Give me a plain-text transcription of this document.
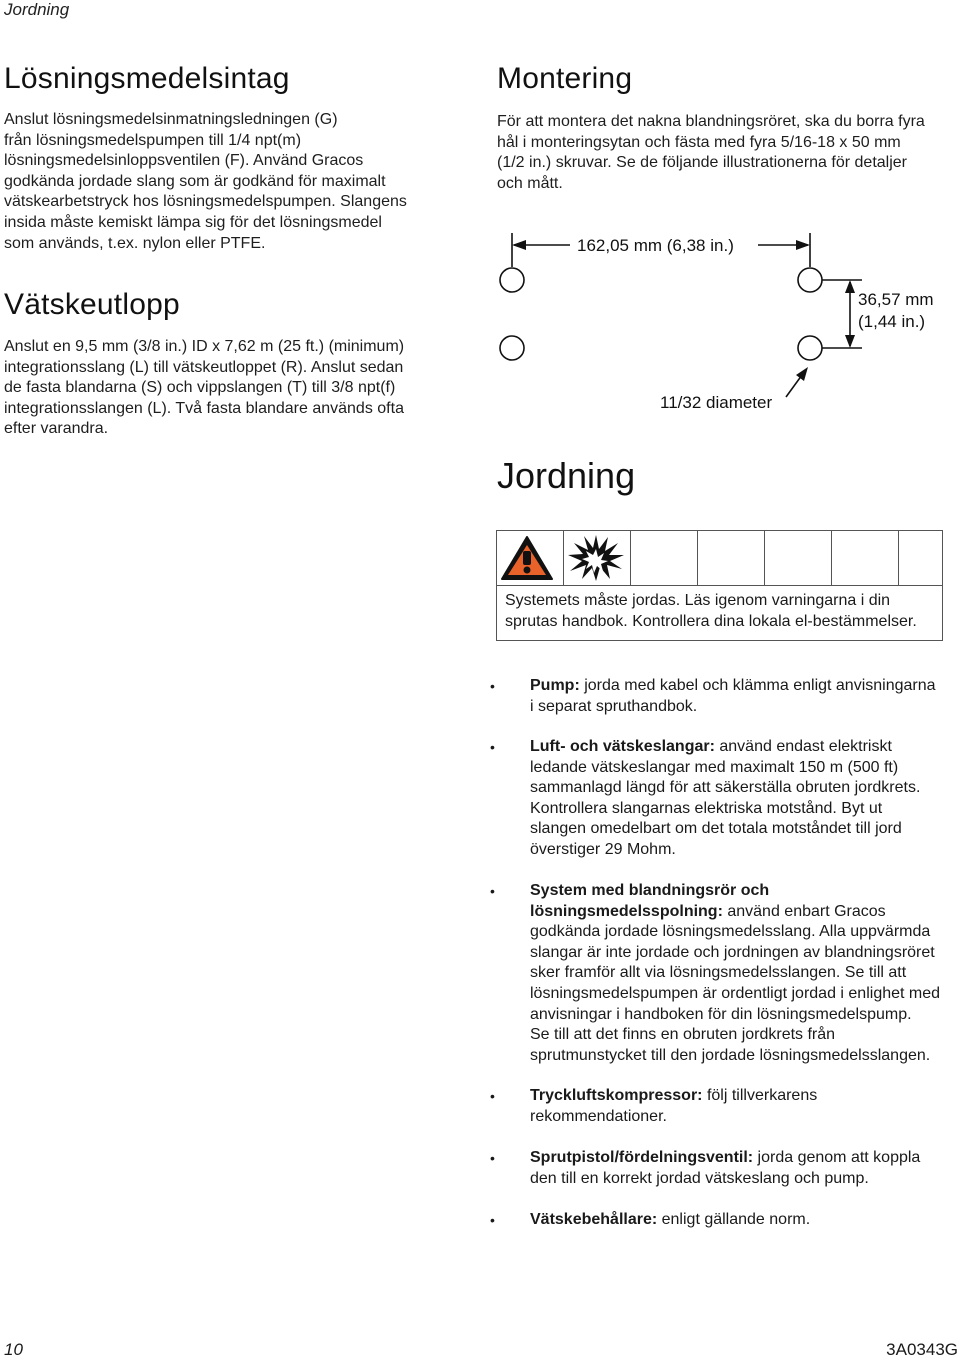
Jordning
Lösningsmedelsintag
Anslut lösningsmedelsinmatningsledningen (G)
från lösningsmedelspumpen till 1/4 npt(m)
lösningsmedelsinloppsventilen (F). Använd Gracos
godkända jordade slang som är godkänd för maximalt
vätskearbetstryck hos lösningsmedelspumpen. Slangens
insida måste kemiskt lämpa sig för det lösningsmedel
som används, t.ex. nylon eller PTFE.
Vätskeutlopp
Anslut en 9,5 mm (3/8 in.) ID x 7,62 m (25 ft.) (minimum)
integrationsslang (L) till vätskeutloppet (R). Anslut sedan
de fasta blandarna (S) och vippslangen (T) till 3/8 npt(f)
integrationsslangen (L). Två fasta blandare används ofta
efter varandra.
Montering
För att montera det nakna blandningsröret, ska du borra fyra
hål i monteringsytan och fästa med fyra 5/16-18 x 50 mm
(1/2 in.) skruvar. Se de följande illustrationerna för detaljer
och mått.
162,05 mm (6,38 in.)
36,57 mm
(1,44 in.)
11/32 diameter
Jordning
Systemets måste jordas. Läs igenom varningarna i din
sprutas handbok. Kontrollera dina lokala el-bestämmelser.
• Pump: jorda med kabel och klämma enligt anvisningarna
i separat spruthandbok.
• Luft- och vätskeslangar: använd endast elektriskt
ledande vätskeslangar med maximalt 150 m (500 ft)
sammanlagd längd för att säkerställa obruten jordkrets.
Kontrollera slangarnas elektriska motstånd. Byt ut
slangen omedelbart om det totala motståndet till jord
överstiger 29 Mohm.
• System med blandningsrör och
lösningsmedelsspolning: använd enbart Gracos
godkända jordade lösningsmedelsslang. Alla uppvärmda
slangar är inte jordade och jordningen av blandningsröret
sker framför allt via lösningsmedelsslangen. Se till att
lösningsmedelspumpen är ordentligt jordad i enlighet med
anvisningar i handboken för din lösningsmedelspump.
Se till att det finns en obruten jordkrets från
sprutmunstycket till den jordade lösningsmedelsslangen.
• Tryckluftskompressor: följ tillverkarens
rekommendationer.
• Sprutpistol/fördelningsventil: jorda genom att koppla
den till en korrekt jordad vätskeslang och pump.
• Vätskebehållare: enligt gällande norm.
10	3A0343G
